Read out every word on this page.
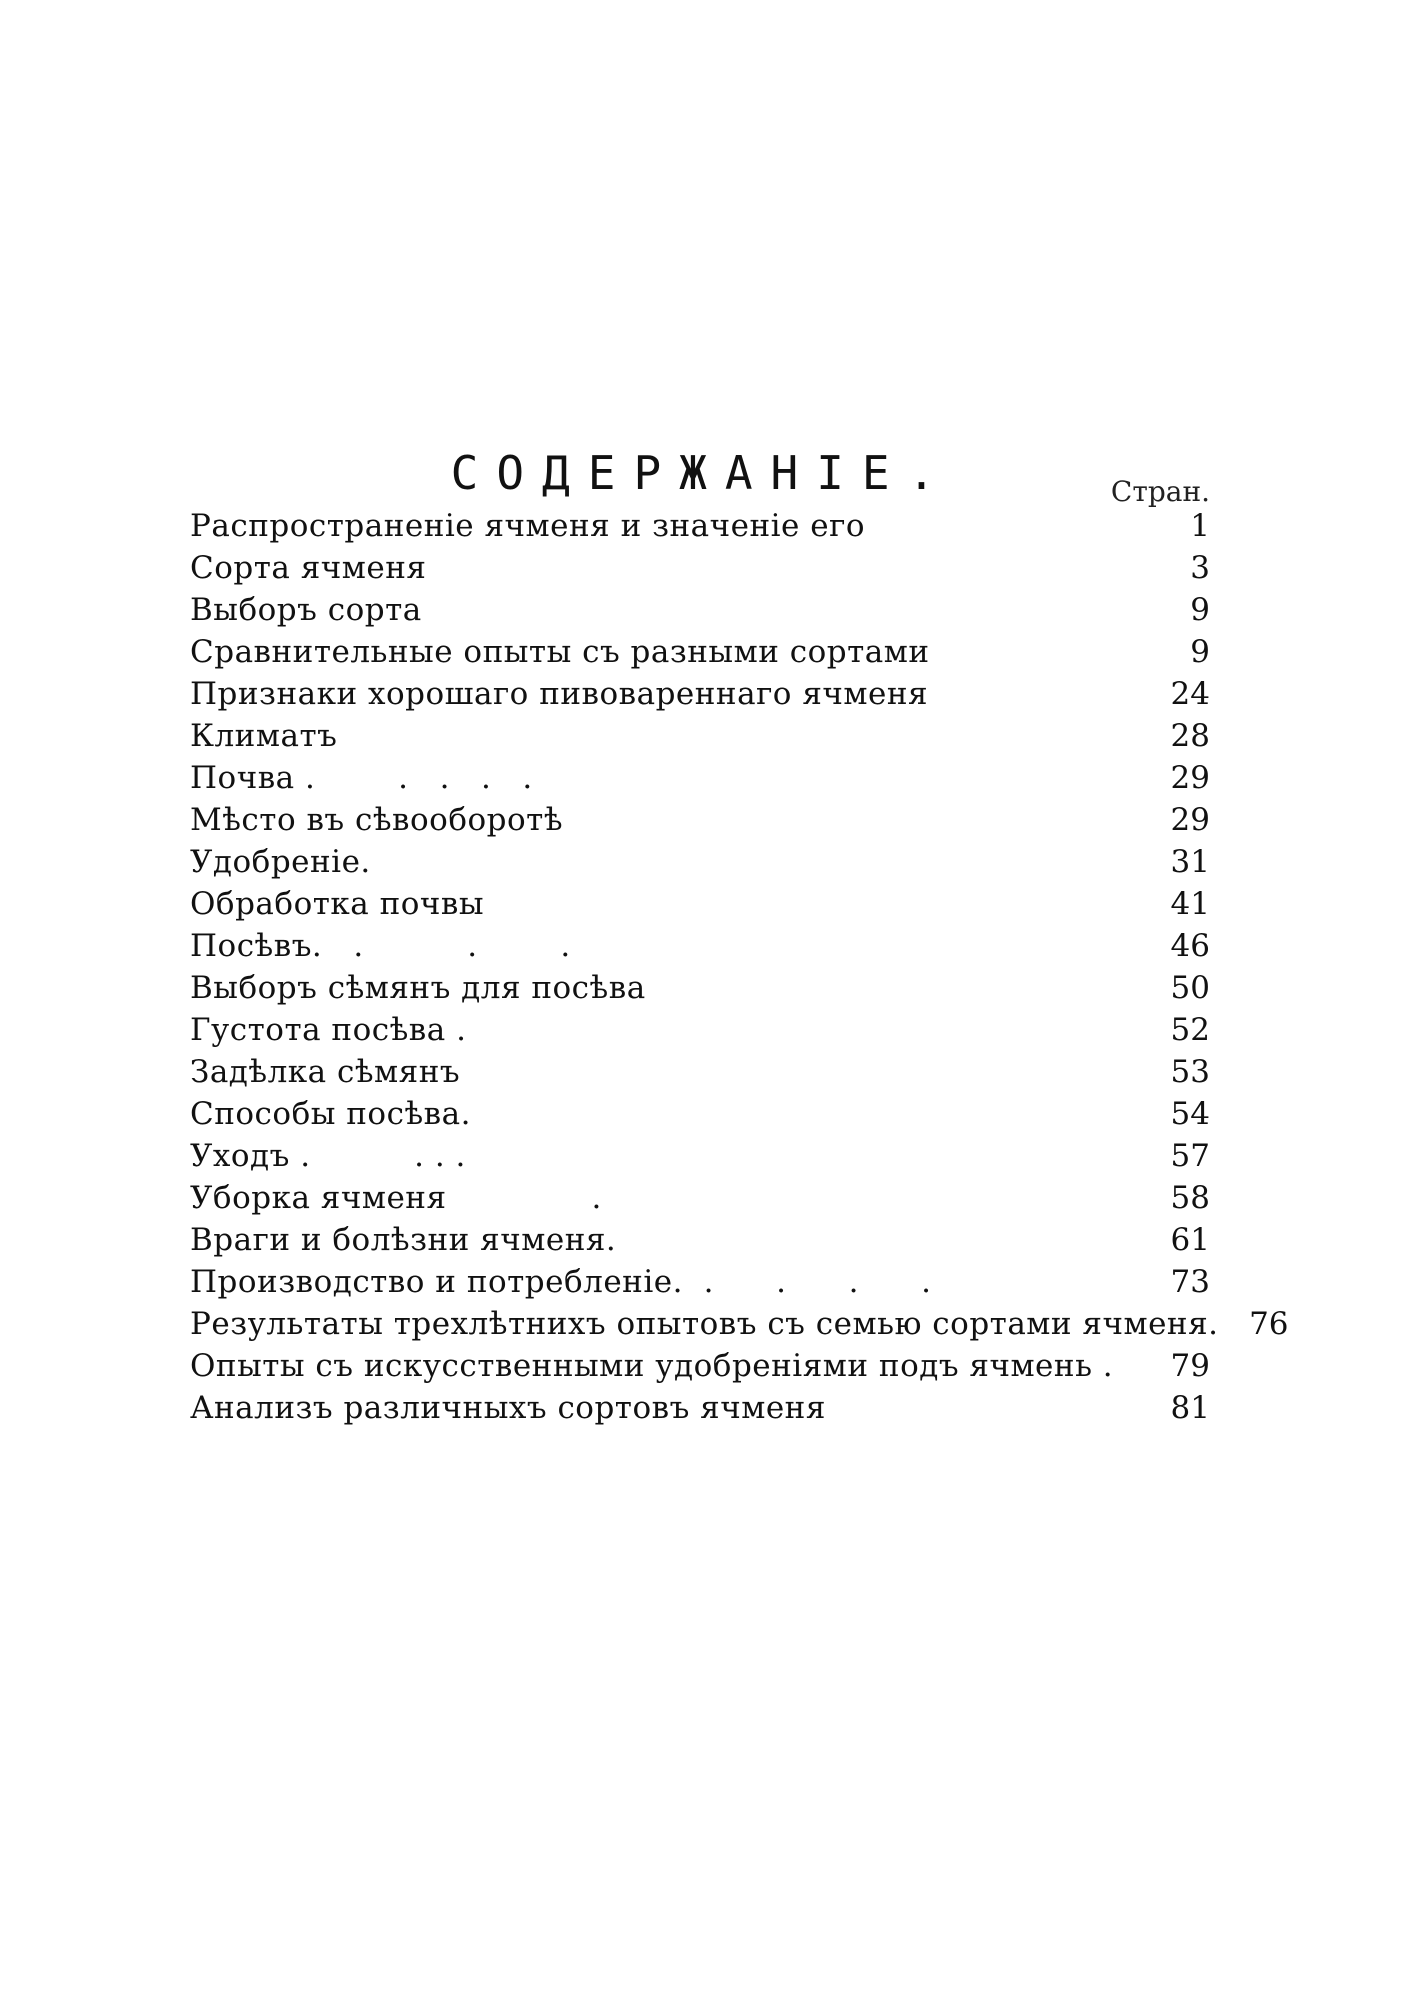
СОДЕРЖАНІЕ.	Стран.
Распространеніе ячменя и значеніе его	1
Сорта ячменя	3
Выборъ сорта	9
Сравнительные опыты съ разными сортами	9
Признаки хорошаго пивовареннаго ячменя	24
Климатъ	28
Почва .        .   .   .   .	29
Мѣсто въ сѣвооборотѣ	29
Удобреніе.	31
Обработка почвы	41
Посѣвъ.   .          .        .	46
Выборъ сѣмянъ для посѣва	50
Густота посѣва .	52
Задѣлка сѣмянъ	53
Способы посѣва.	54
Уходъ .          . . .	57
Уборка ячменя              .	58
Враги и болѣзни ячменя.	61
Производство и потребленіе.  .      .      .      .	73
Результаты трехлѣтнихъ опытовъ съ семью сортами ячменя. 76
Опыты съ искусственными удобреніями подъ ячмень .	79
Анализъ различныхъ сортовъ ячменя	81
